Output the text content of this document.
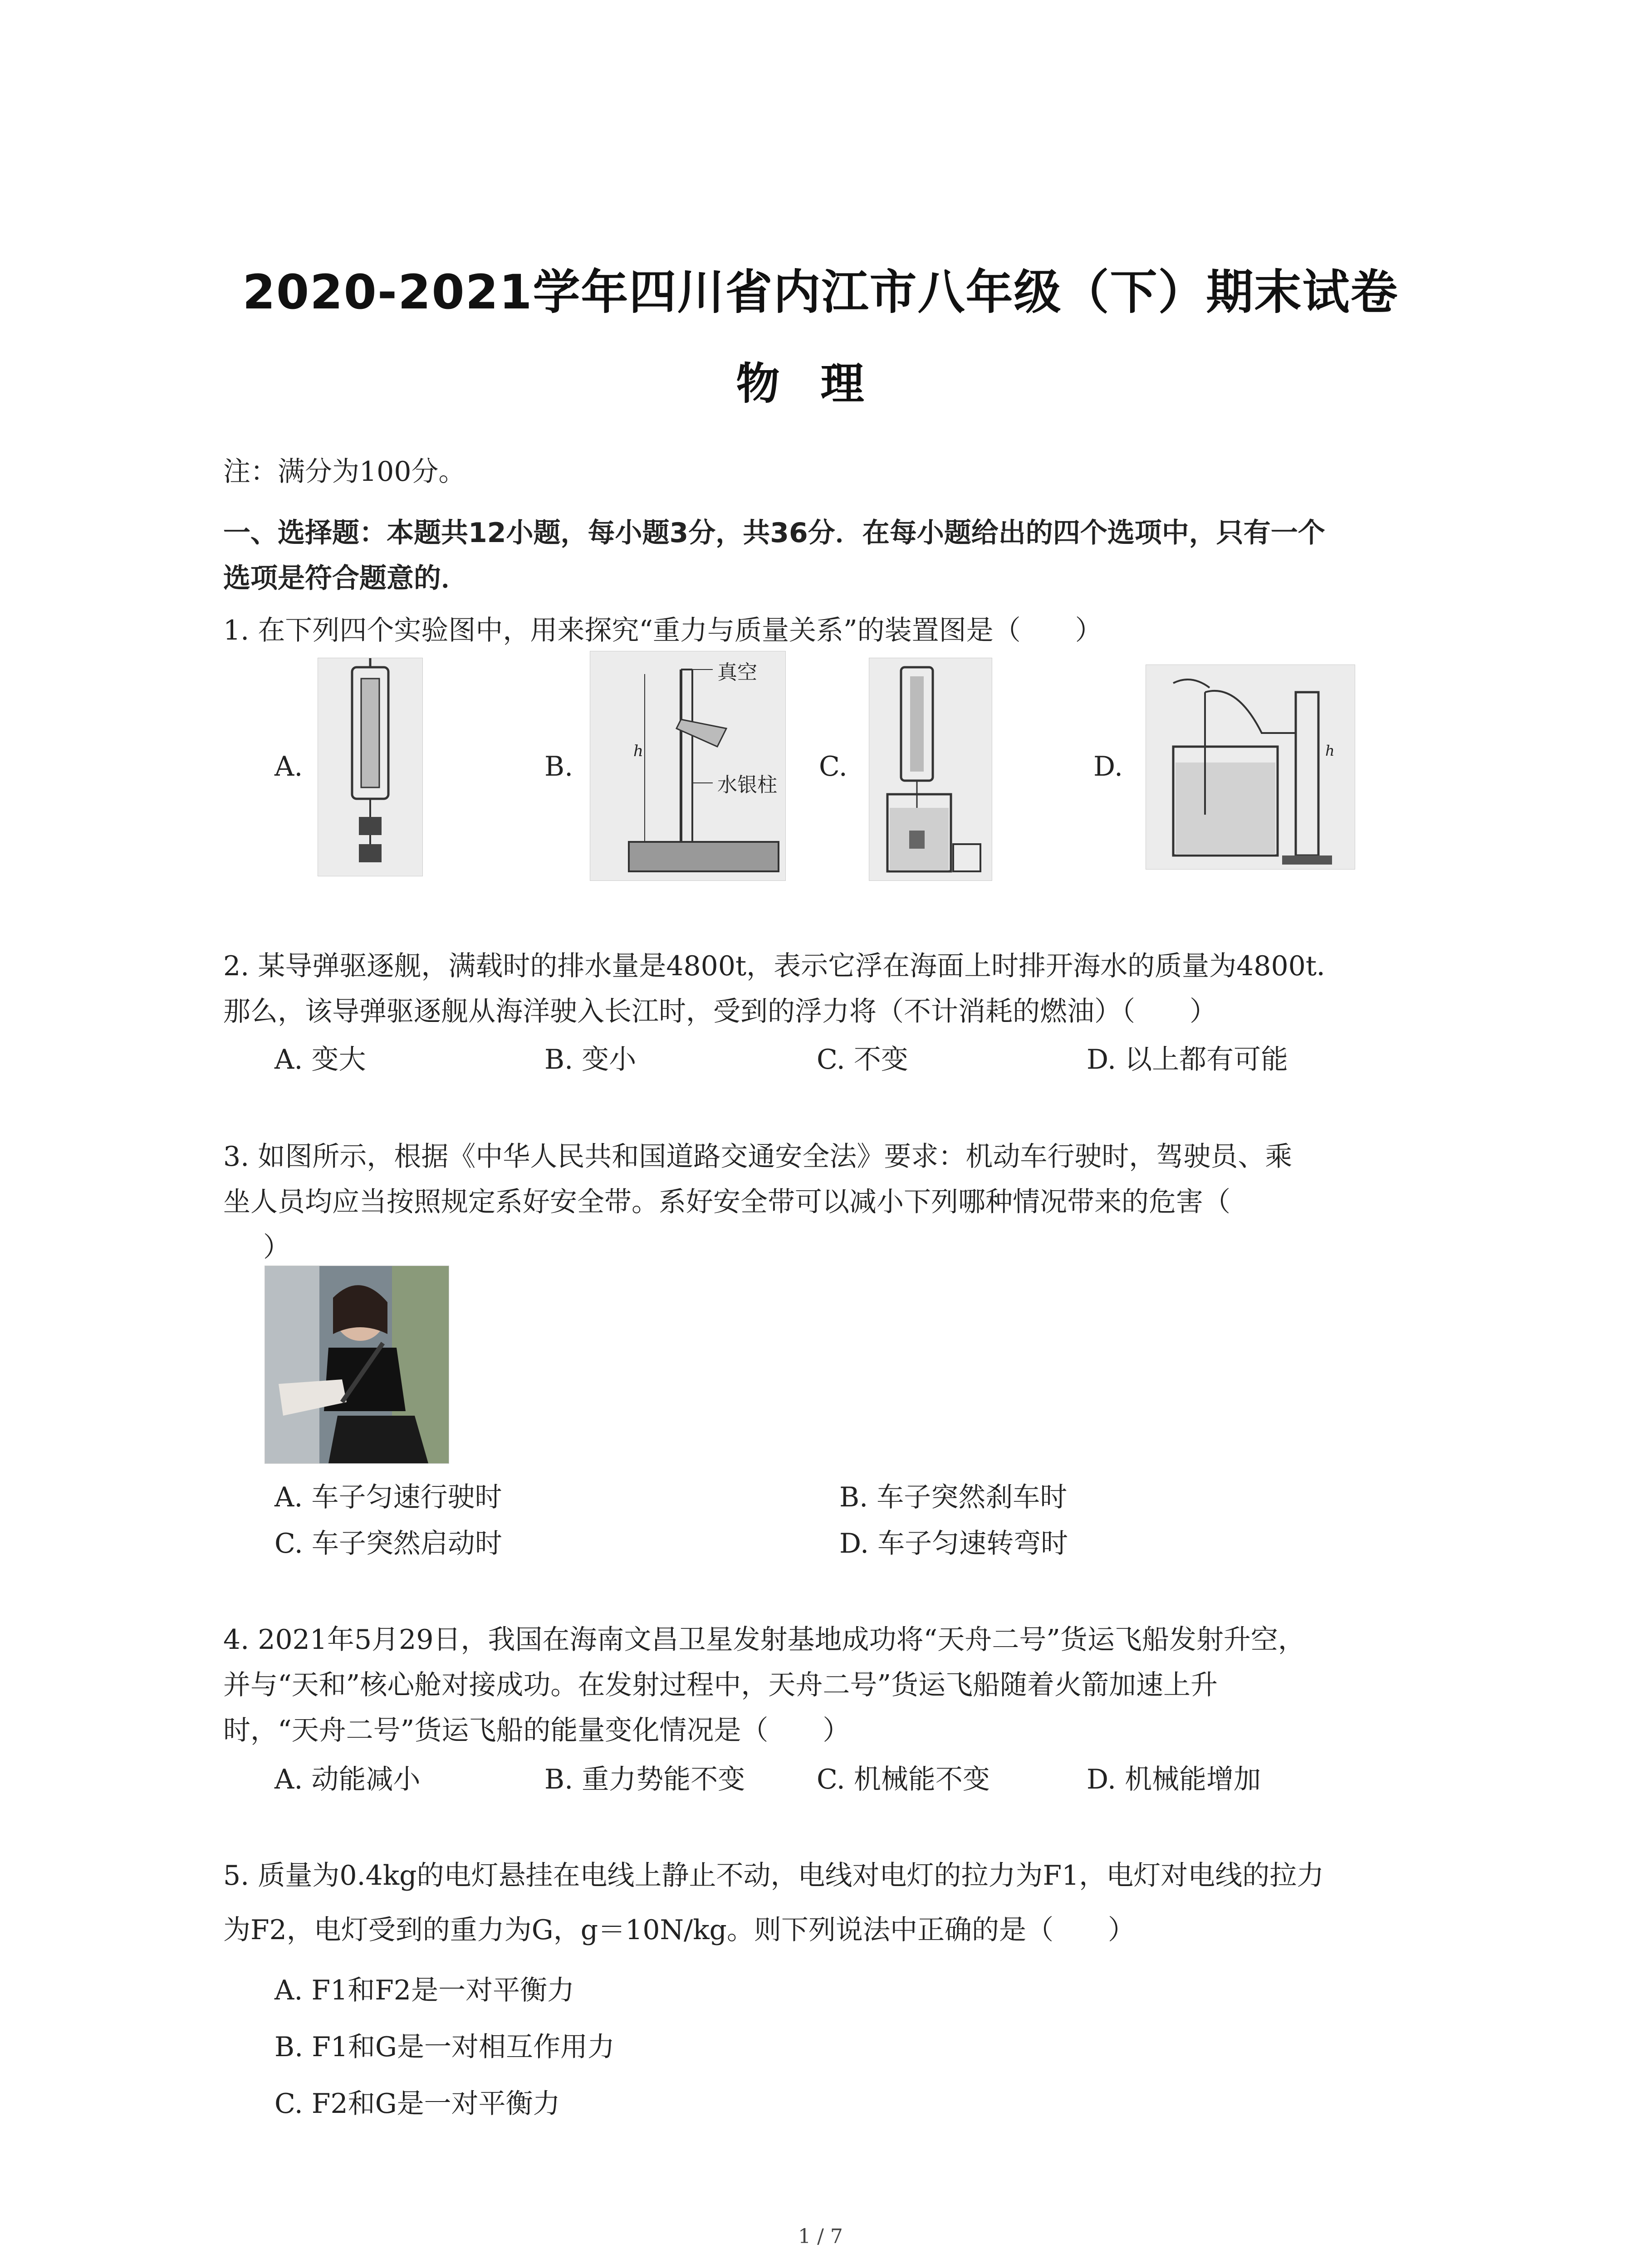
2020-2021学年四川省内江市八年级（下）期末试卷
物理
注：满分为100分。
一、选择题：本题共12小题，每小题3分，共36分．在每小题给出的四个选项中，只有一个
选项是符合题意的．
1. 在下列四个实验图中，用来探究“重力与质量关系”的装置图是（　　）
A.	B.
真空
水银柱
h	C.	D.	h
2. 某导弹驱逐舰，满载时的排水量是4800t，表示它浮在海面上时排开海水的质量为4800t．
那么，该导弹驱逐舰从海洋驶入长江时，受到的浮力将（不计消耗的燃油）（　　）
A. 变大	B. 变小	C. 不变	D. 以上都有可能
3. 如图所示，根据《中华人民共和国道路交通安全法》要求：机动车行驶时，驾驶员、乘
坐人员均应当按照规定系好安全带。系好安全带可以减小下列哪种情况带来的危害（
）
A. 车子匀速行驶时	B. 车子突然刹车时
C. 车子突然启动时	D. 车子匀速转弯时
4. 2021年5月29日，我国在海南文昌卫星发射基地成功将“天舟二号”货运飞船发射升空，
并与“天和”核心舱对接成功。在发射过程中，天舟二号”货运飞船随着火箭加速上升
时，“天舟二号”货运飞船的能量变化情况是（　　）
A. 动能减小	B. 重力势能不变	C. 机械能不变	D. 机械能增加
5. 质量为0.4kg的电灯悬挂在电线上静止不动，电线对电灯的拉力为F1，电灯对电线的拉力
为F2，电灯受到的重力为G，g＝10N/kg。则下列说法中正确的是（　　）
A. F1和F2是一对平衡力
B. F1和G是一对相互作用力
C. F2和G是一对平衡力
1 / 7
